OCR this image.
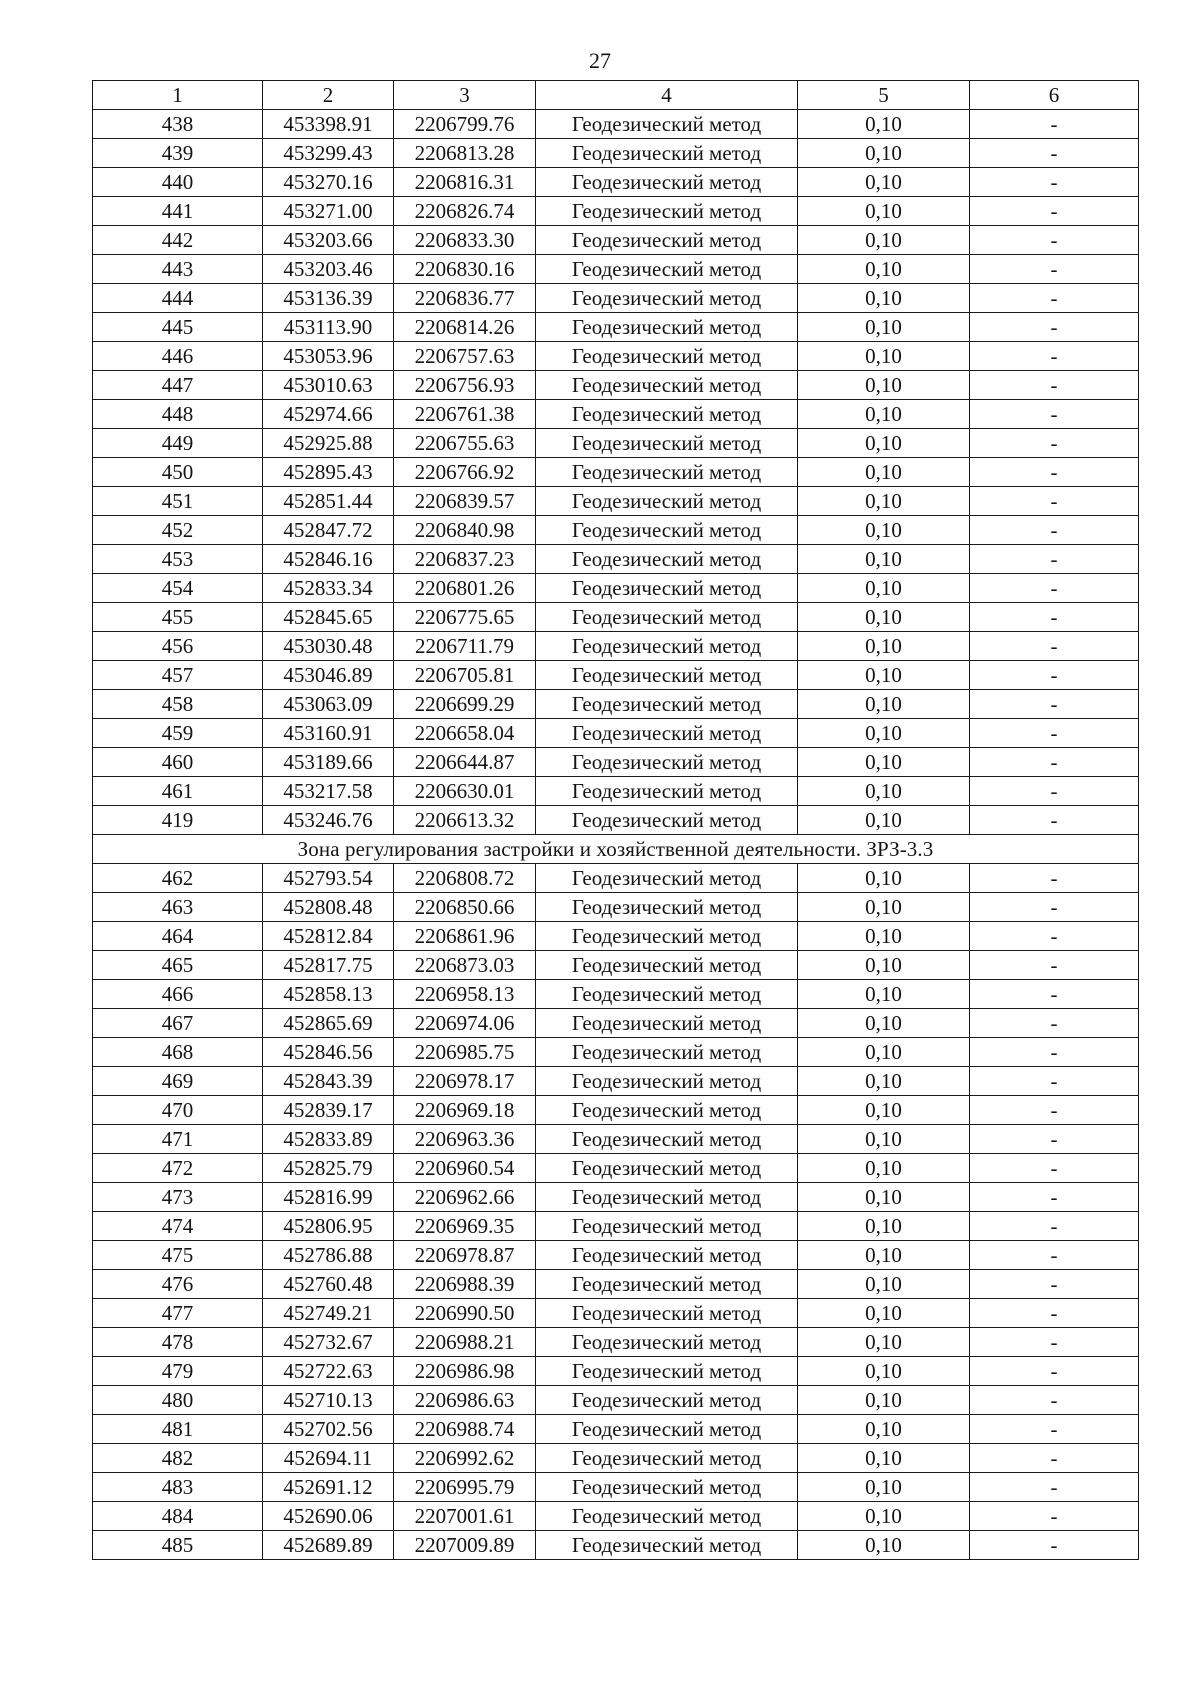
27
1	2	3	4	5	6
438	453398.91	2206799.76	Геодезический метод	0,10	-
439	453299.43	2206813.28	Геодезический метод	0,10	-
440	453270.16	2206816.31	Геодезический метод	0,10	-
441	453271.00	2206826.74	Геодезический метод	0,10	-
442	453203.66	2206833.30	Геодезический метод	0,10	-
443	453203.46	2206830.16	Геодезический метод	0,10	-
444	453136.39	2206836.77	Геодезический метод	0,10	-
445	453113.90	2206814.26	Геодезический метод	0,10	-
446	453053.96	2206757.63	Геодезический метод	0,10	-
447	453010.63	2206756.93	Геодезический метод	0,10	-
448	452974.66	2206761.38	Геодезический метод	0,10	-
449	452925.88	2206755.63	Геодезический метод	0,10	-
450	452895.43	2206766.92	Геодезический метод	0,10	-
451	452851.44	2206839.57	Геодезический метод	0,10	-
452	452847.72	2206840.98	Геодезический метод	0,10	-
453	452846.16	2206837.23	Геодезический метод	0,10	-
454	452833.34	2206801.26	Геодезический метод	0,10	-
455	452845.65	2206775.65	Геодезический метод	0,10	-
456	453030.48	2206711.79	Геодезический метод	0,10	-
457	453046.89	2206705.81	Геодезический метод	0,10	-
458	453063.09	2206699.29	Геодезический метод	0,10	-
459	453160.91	2206658.04	Геодезический метод	0,10	-
460	453189.66	2206644.87	Геодезический метод	0,10	-
461	453217.58	2206630.01	Геодезический метод	0,10	-
419	453246.76	2206613.32	Геодезический метод	0,10	-
Зона регулирования застройки и хозяйственной деятельности. ЗРЗ-3.3					
462	452793.54	2206808.72	Геодезический метод	0,10	-
463	452808.48	2206850.66	Геодезический метод	0,10	-
464	452812.84	2206861.96	Геодезический метод	0,10	-
465	452817.75	2206873.03	Геодезический метод	0,10	-
466	452858.13	2206958.13	Геодезический метод	0,10	-
467	452865.69	2206974.06	Геодезический метод	0,10	-
468	452846.56	2206985.75	Геодезический метод	0,10	-
469	452843.39	2206978.17	Геодезический метод	0,10	-
470	452839.17	2206969.18	Геодезический метод	0,10	-
471	452833.89	2206963.36	Геодезический метод	0,10	-
472	452825.79	2206960.54	Геодезический метод	0,10	-
473	452816.99	2206962.66	Геодезический метод	0,10	-
474	452806.95	2206969.35	Геодезический метод	0,10	-
475	452786.88	2206978.87	Геодезический метод	0,10	-
476	452760.48	2206988.39	Геодезический метод	0,10	-
477	452749.21	2206990.50	Геодезический метод	0,10	-
478	452732.67	2206988.21	Геодезический метод	0,10	-
479	452722.63	2206986.98	Геодезический метод	0,10	-
480	452710.13	2206986.63	Геодезический метод	0,10	-
481	452702.56	2206988.74	Геодезический метод	0,10	-
482	452694.11	2206992.62	Геодезический метод	0,10	-
483	452691.12	2206995.79	Геодезический метод	0,10	-
484	452690.06	2207001.61	Геодезический метод	0,10	-
485	452689.89	2207009.89	Геодезический метод	0,10	-
